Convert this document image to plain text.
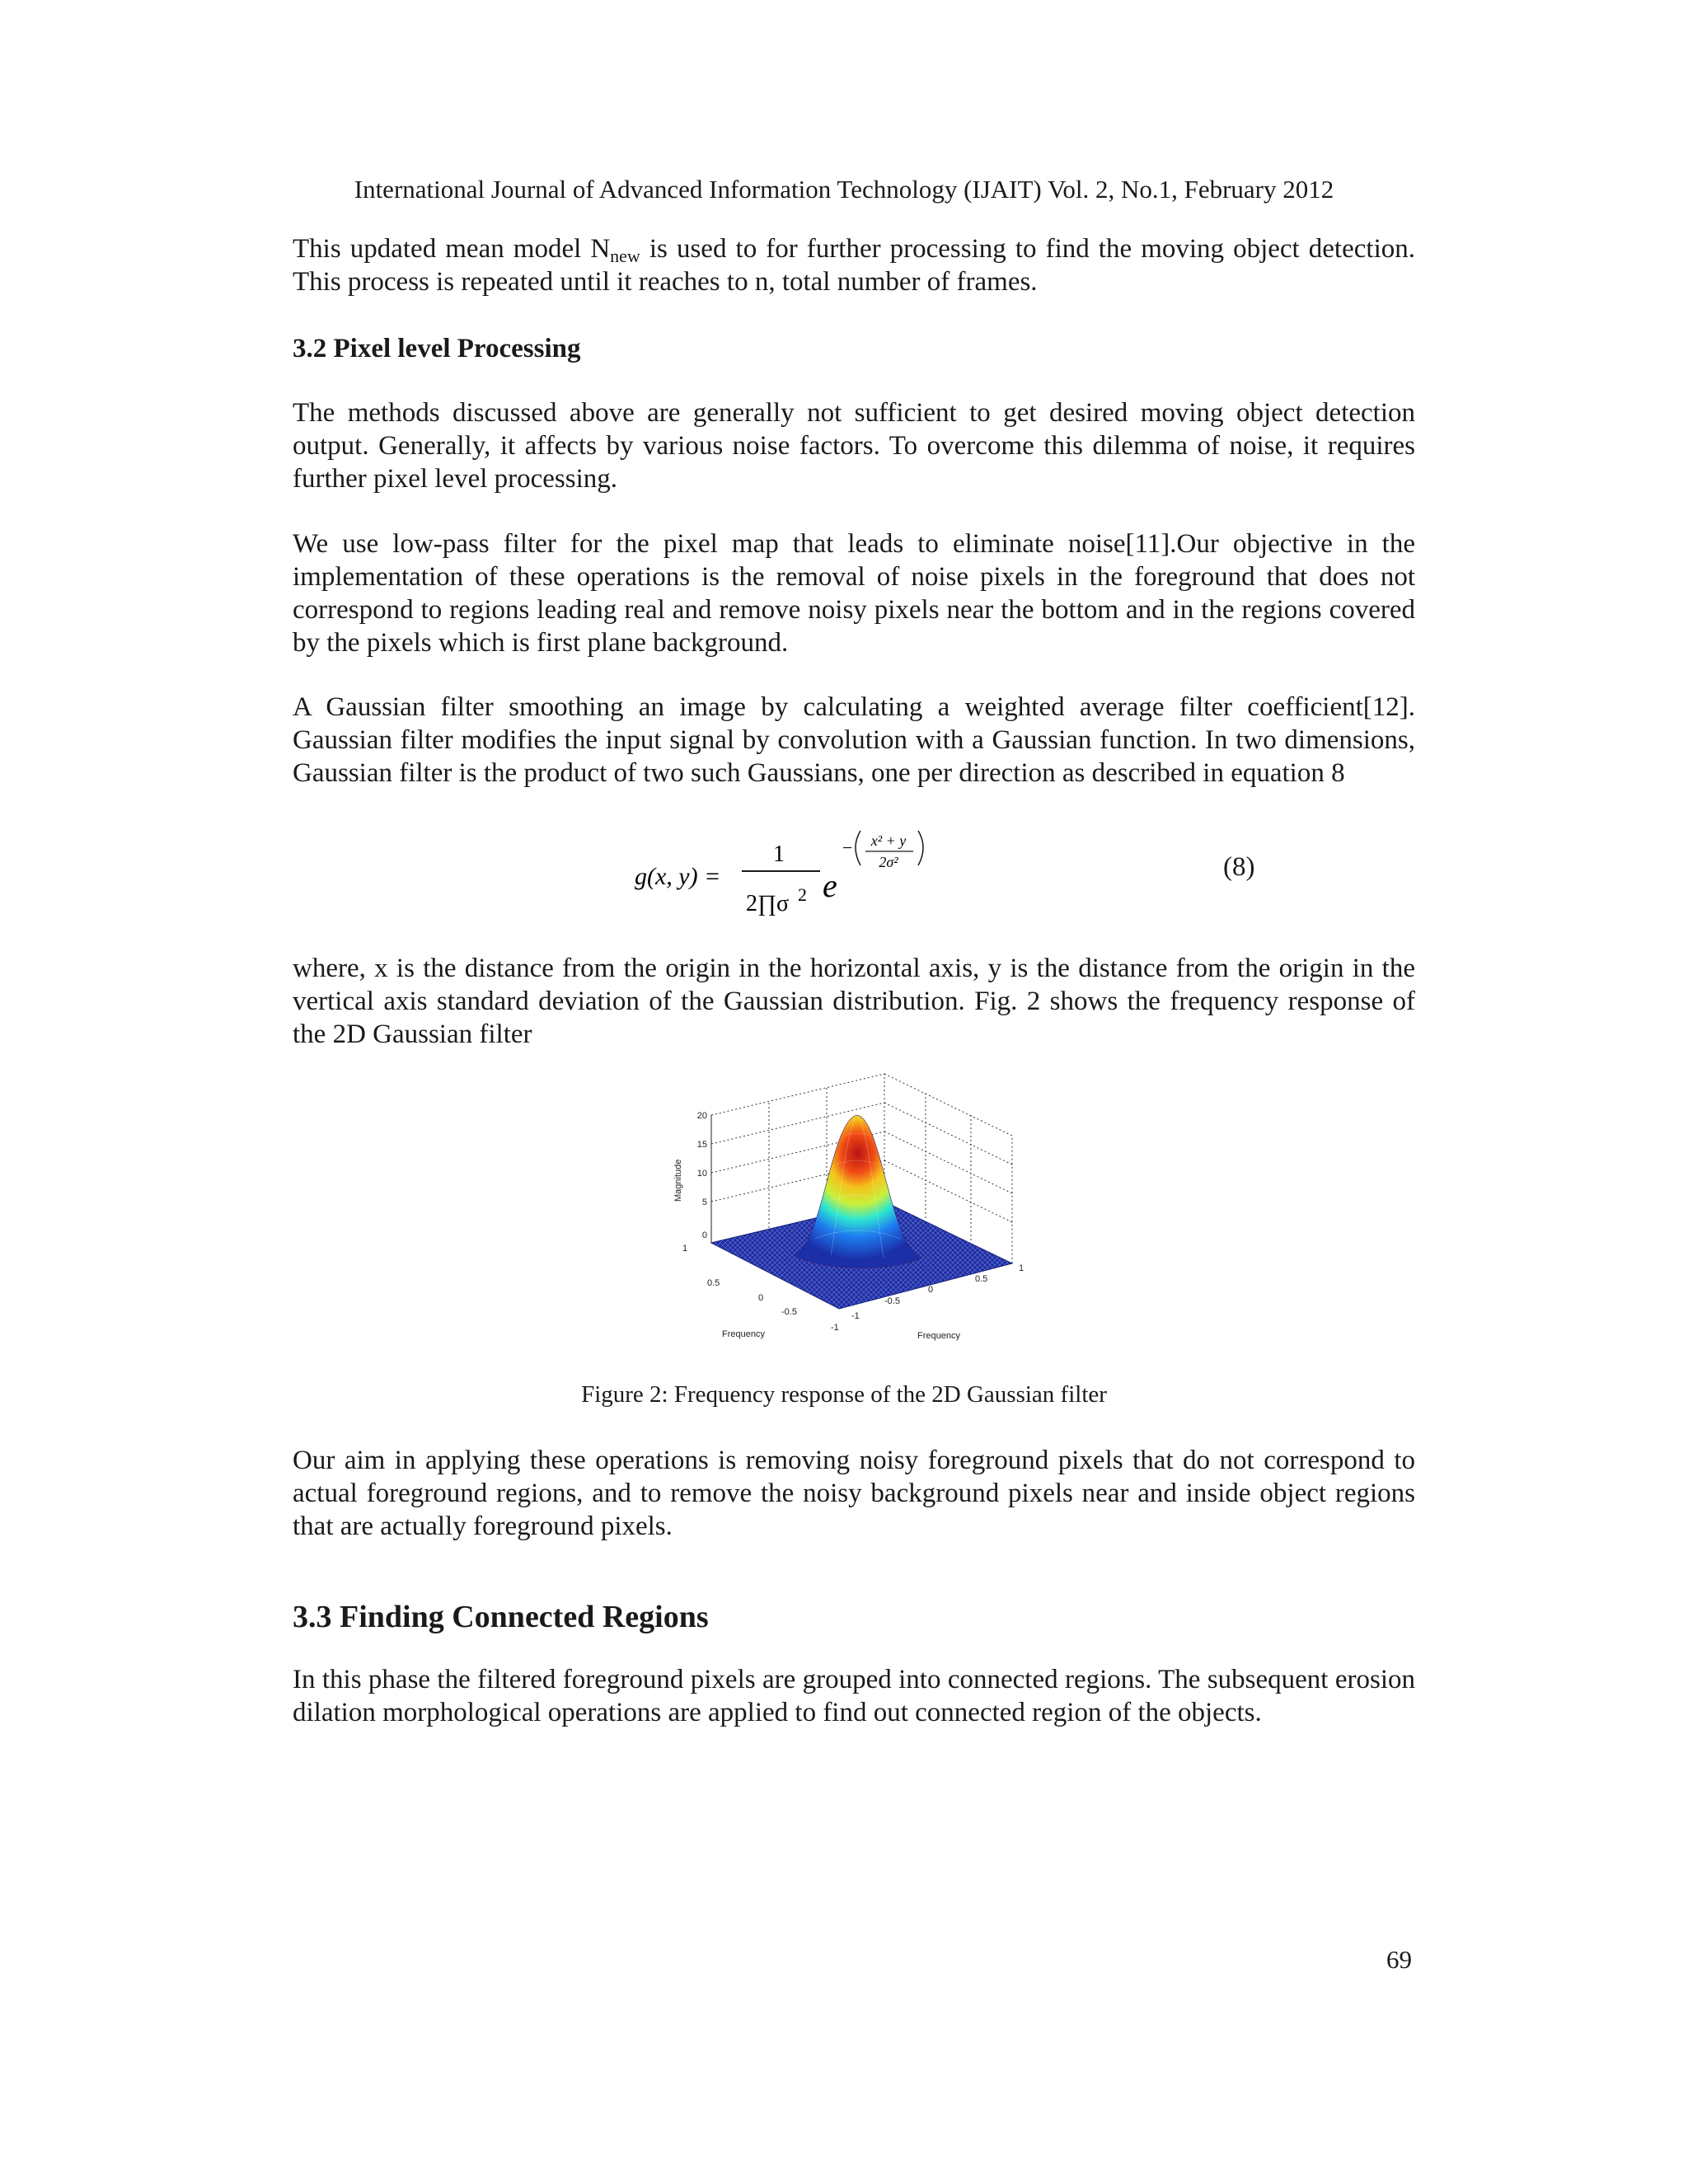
International Journal of Advanced Information Technology (IJAIT) Vol. 2, No.1, February 2012

This updated mean model $N_{new}$ is used to for further processing to find the moving object detection. This process is repeated until it reaches to n, total number of frames.

3.2 Pixel level Processing

The methods discussed above are generally not sufficient to get desired moving object detection output. Generally, it affects by various noise factors. To overcome this dilemma of noise, it requires further pixel level processing.

We use low-pass filter for the pixel map that leads to eliminate noise[11].Our objective in the implementation of these operations is the removal of noise pixels in the foreground that does not correspond to regions leading real and remove noisy pixels near the bottom and in the regions covered by the pixels which is first plane background.

A Gaussian filter smoothing an image by calculating a weighted average filter coefficient[12]. Gaussian filter modifies the input signal by convolution with a Gaussian function. In two dimensions, Gaussian filter is the product of two such Gaussians, one per direction as described in equation 8

g(x, y) =
1
2∏σ 2 e
− x² + y
2σ²	(8)

where, x is the distance from the origin in the horizontal axis, y is the distance from the origin in the vertical axis standard deviation of the Gaussian distribution. Fig. 2 shows the frequency response of the 2D Gaussian filter

20
15
10
5
0
Magnitude
1
0.5
0
-0.5
-1
Frequency
-1
-0.5
0
0.5
1
Frequency
Figure 2: Frequency response of the 2D Gaussian filter

Our aim in applying these operations is removing noisy foreground pixels that do not correspond to actual foreground regions, and to remove the noisy background pixels near and inside object regions that are actually foreground pixels.

3.3 Finding Connected Regions

In this phase the filtered foreground pixels are grouped into connected regions. The subsequent erosion dilation morphological operations are applied to find out connected region of the objects.

69
